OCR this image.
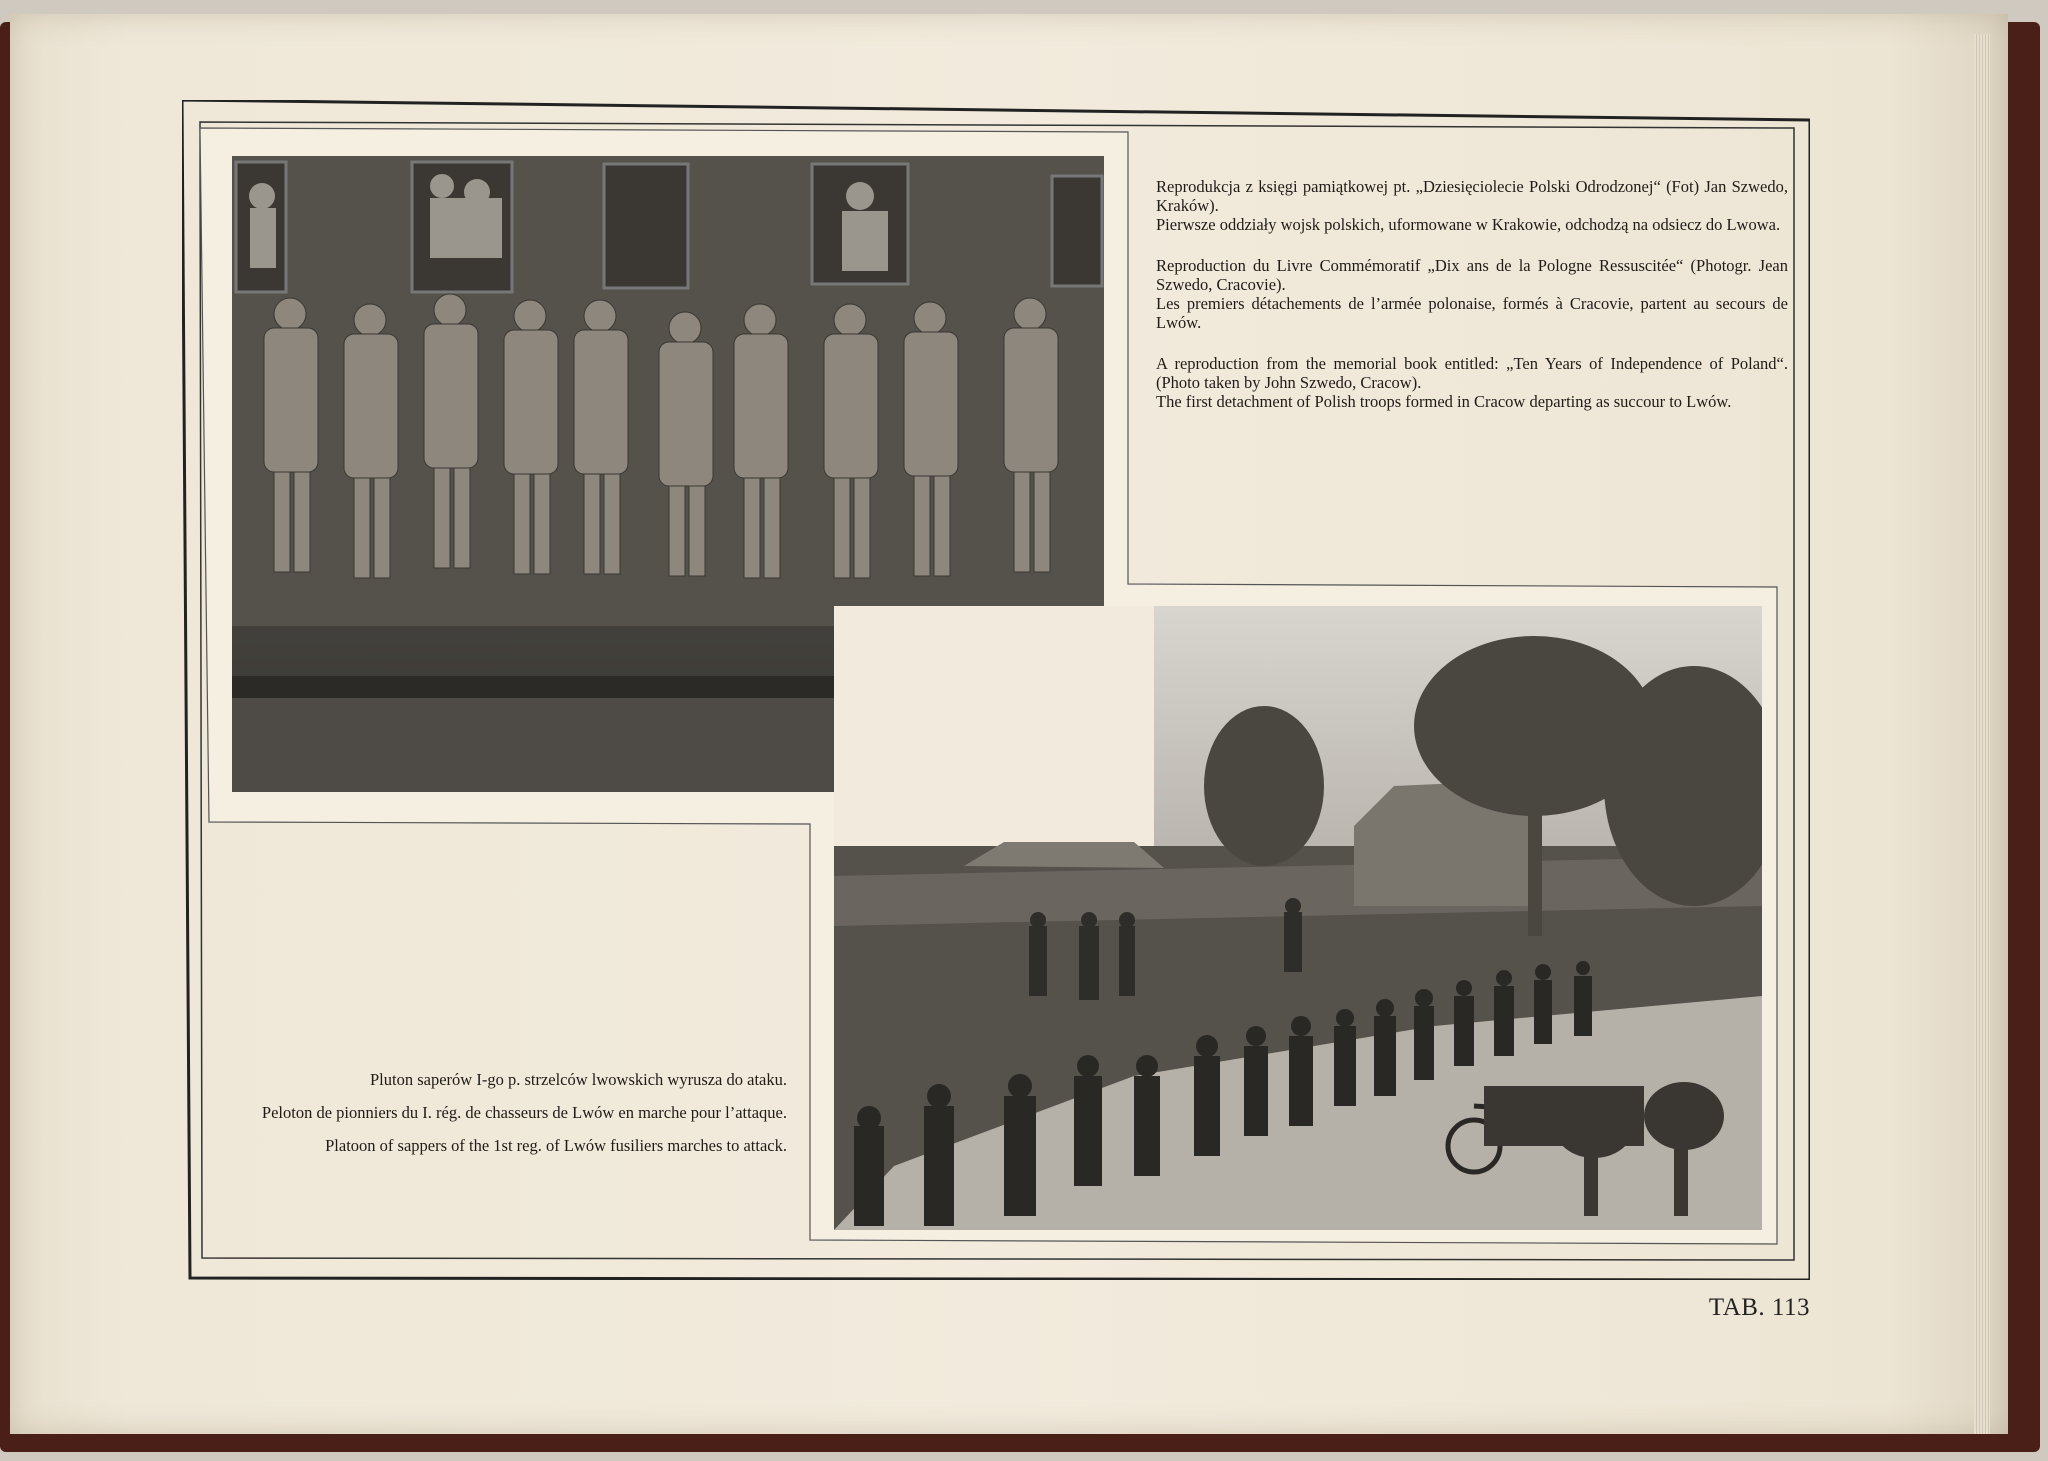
Reprodukcja z księgi pamiątkowej pt. „Dziesięciolecie Polski Odrodzonej“ (Fot) Jan Szwedo, Kraków).

Pierwsze oddziały wojsk polskich, uformowane w Krakowie, odchodzą na odsiecz do Lwowa.

Reproduction du Livre Commémoratif „Dix ans de la Pologne Ressuscitée“ (Photogr. Jean Szwedo, Cracovie).

Les premiers détachements de l’armée polonaise, formés à Cracovie, partent au secours de Lwów.

A reproduction from the memorial book entitled: „Ten Years of Independence of Poland“. (Photo taken by John Szwedo, Cracow).

The first detachment of Polish troops formed in Cracow departing as succour to Lwów.

Pluton saperów I-go p. strzelców lwowskich wyrusza do ataku.

Peloton de pionniers du I. rég. de chasseurs de Lwów en marche pour l’attaque.

Platoon of sappers of the 1st reg. of Lwów fusiliers marches to attack.

TAB. 113
